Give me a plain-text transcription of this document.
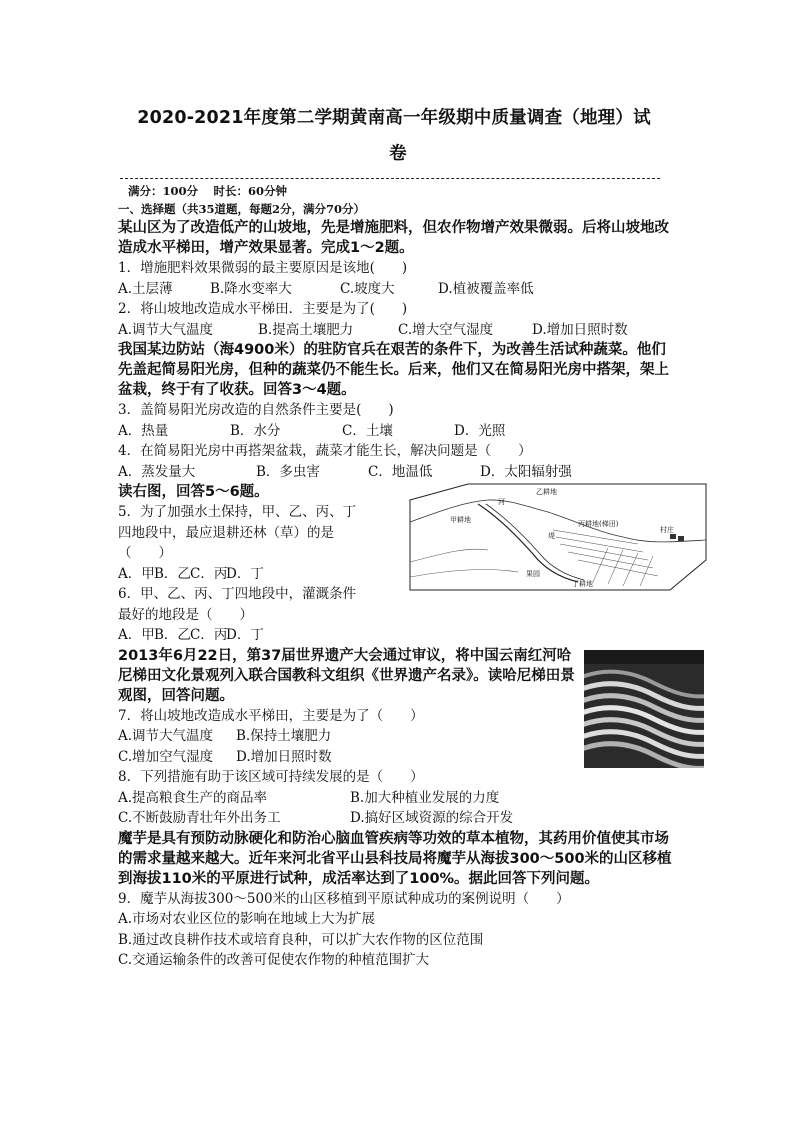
2020-2021年度第二学期黄南高一年级期中质量调查（地理）试
卷
满分：100分　 时长：60分钟
一、选择题（共35道题，每题2分，满分70分）
某山区为了改造低产的山坡地，先是增施肥料，但农作物增产效果微弱。后将山坡地改造成水平梯田，增产效果显著。完成1～2题。
1．增施肥料效果微弱的最主要原因是该地(　　)
A.土层薄	B.降水变率大	C.坡度大	D.植被覆盖率低
2．将山坡地改造成水平梯田．主要是为了(　　)
A.调节大气温度	B.提高土壤肥力	C.增大空气湿度	D.增加日照时数
我国某边防站（海4900米）的驻防官兵在艰苦的条件下，为改善生活试种蔬菜。他们先盖起简易阳光房，但种的蔬菜仍不能生长。后来，他们又在简易阳光房中搭架，架上盆栽，终于有了收获。回答3～4题。
3．盖简易阳光房改造的自然条件主要是(　　)
A．热量	B．水分	C．土壤	D．光照
4．在简易阳光房中再搭架盆栽，蔬菜才能生长，解决问题是（　　）
A．蒸发量大	B．多虫害	C．地温低	D．太阳辐射强
读右图，回答5～6题。
5．为了加强水土保持，甲、乙、丙、丁
四地段中，最应退耕还林（草）的是
（　　）
A．甲B．乙C．丙D．丁
6．甲、乙、丙、丁四地段中，灌溉条件
最好的地段是（　　）
A．甲B．乙C．丙D．丁
乙耕地
河
甲耕地	丙耕地(梯田)
堤
村庄
果园
丁耕地
2013年6月22日，第37届世界遗产大会通过审议，将中国云南红河哈尼梯田文化景观列入联合国教科文组织《世界遗产名录》。读哈尼梯田景观图，回答问题。
7．将山坡地改造成水平梯田，主要是为了（　　）
A.调节大气温度 B.保持土壤肥力
C.增加空气湿度 D.增加日照时数
8．下列措施有助于该区域可持续发展的是（　　）
A.提高粮食生产的商品率	B.加大种植业发展的力度
C.不断鼓励青壮年外出务工	D.搞好区域资源的综合开发
魔芋是具有预防动脉硬化和防治心脑血管疾病等功效的草本植物，其药用价值使其市场的需求量越来越大。近年来河北省平山县科技局将魔芋从海拔300～500米的山区移植到海拔110米的平原进行试种，成活率达到了100%。据此回答下列问题。
9．魔芋从海拔300～500米的山区移植到平原试种成功的案例说明（　　）
A.市场对农业区位的影响在地域上大为扩展
B.通过改良耕作技术或培育良种，可以扩大农作物的区位范围
C.交通运输条件的改善可促使农作物的种植范围扩大
